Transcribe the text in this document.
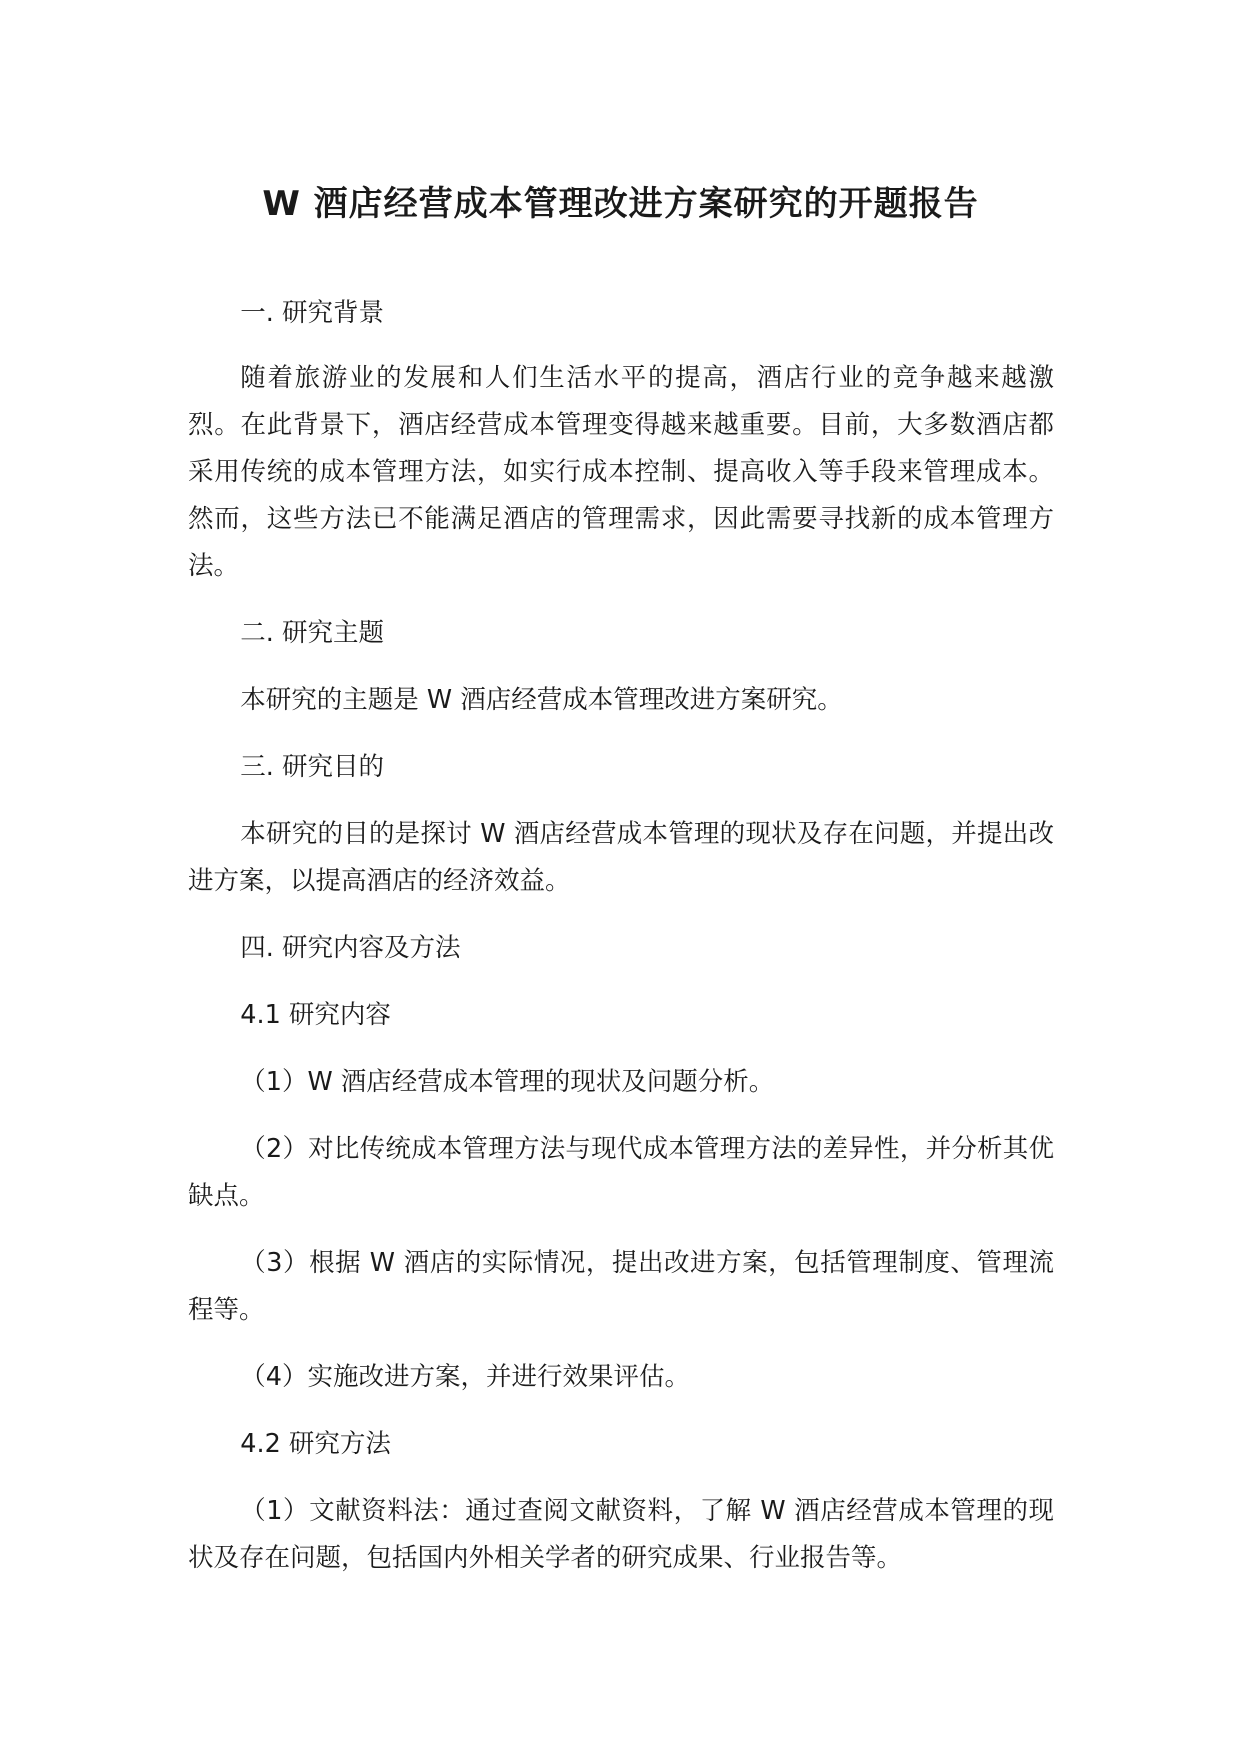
W 酒店经营成本管理改进方案研究的开题报告

一. 研究背景

随着旅游业的发展和人们生活水平的提高，酒店行业的竞争越来越激烈。在此背景下，酒店经营成本管理变得越来越重要。目前，大多数酒店都采用传统的成本管理方法，如实行成本控制、提高收入等手段来管理成本。然而，这些方法已不能满足酒店的管理需求，因此需要寻找新的成本管理方法。

二. 研究主题

本研究的主题是 W 酒店经营成本管理改进方案研究。

三. 研究目的

本研究的目的是探讨 W 酒店经营成本管理的现状及存在问题，并提出改进方案，以提高酒店的经济效益。

四. 研究内容及方法

4.1 研究内容

（1）W 酒店经营成本管理的现状及问题分析。

（2）对比传统成本管理方法与现代成本管理方法的差异性，并分析其优缺点。

（3）根据 W 酒店的实际情况，提出改进方案，包括管理制度、管理流程等。

（4）实施改进方案，并进行效果评估。

4.2 研究方法

（1）文献资料法：通过查阅文献资料，了解 W 酒店经营成本管理的现状及存在问题，包括国内外相关学者的研究成果、行业报告等。
